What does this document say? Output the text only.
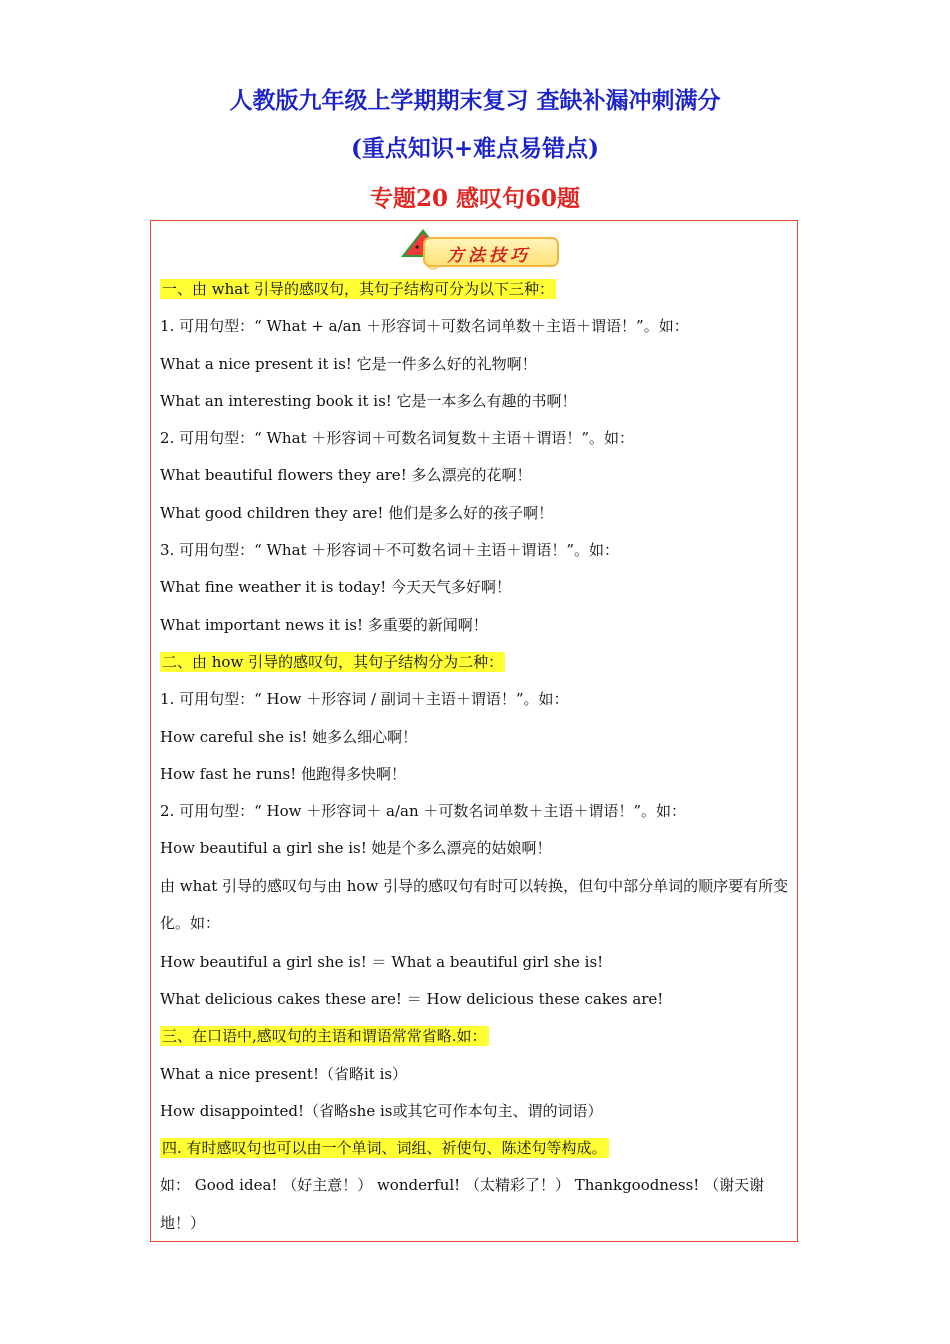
人教版九年级上学期期末复习 查缺补漏冲刺满分
(重点知识+难点易错点)
专题20 感叹句60题
方法技巧
一、由 what 引导的感叹句，其句子结构可分为以下三种：
1. 可用句型：“ What + a/an ＋形容词＋可数名词单数＋主语＋谓语！”。如：
What a nice present it is! 它是一件多么好的礼物啊！
What an interesting book it is! 它是一本多么有趣的书啊！
2. 可用句型：“ What ＋形容词＋可数名词复数＋主语＋谓语！”。如：
What beautiful flowers they are! 多么漂亮的花啊！
What good children they are! 他们是多么好的孩子啊！
3. 可用句型：“ What ＋形容词＋不可数名词＋主语＋谓语！”。如：
What fine weather it is today! 今天天气多好啊！
What important news it is! 多重要的新闻啊！
二、由 how 引导的感叹句，其句子结构分为二种：
1. 可用句型：“ How ＋形容词 / 副词＋主语＋谓语！”。如：
How careful she is! 她多么细心啊！
How fast he runs! 他跑得多快啊！
2. 可用句型：“ How ＋形容词＋ a/an ＋可数名词单数＋主语＋谓语！”。如：
How beautiful a girl she is! 她是个多么漂亮的姑娘啊！
由 what 引导的感叹句与由 how 引导的感叹句有时可以转换，但句中部分单词的顺序要有所变化。如：
How beautiful a girl she is! ＝ What a beautiful girl she is!
What delicious cakes these are! ＝ How delicious these cakes are!
三、在口语中,感叹句的主语和谓语常常省略.如：
What a nice present!（省略it is）
How disappointed!（省略she is或其它可作本句主、谓的词语）
四. 有时感叹句也可以由一个单词、词组、祈使句、陈述句等构成。
如： Good idea! （好主意！） wonderful! （太精彩了！） Thankgoodness! （谢天谢地！）
